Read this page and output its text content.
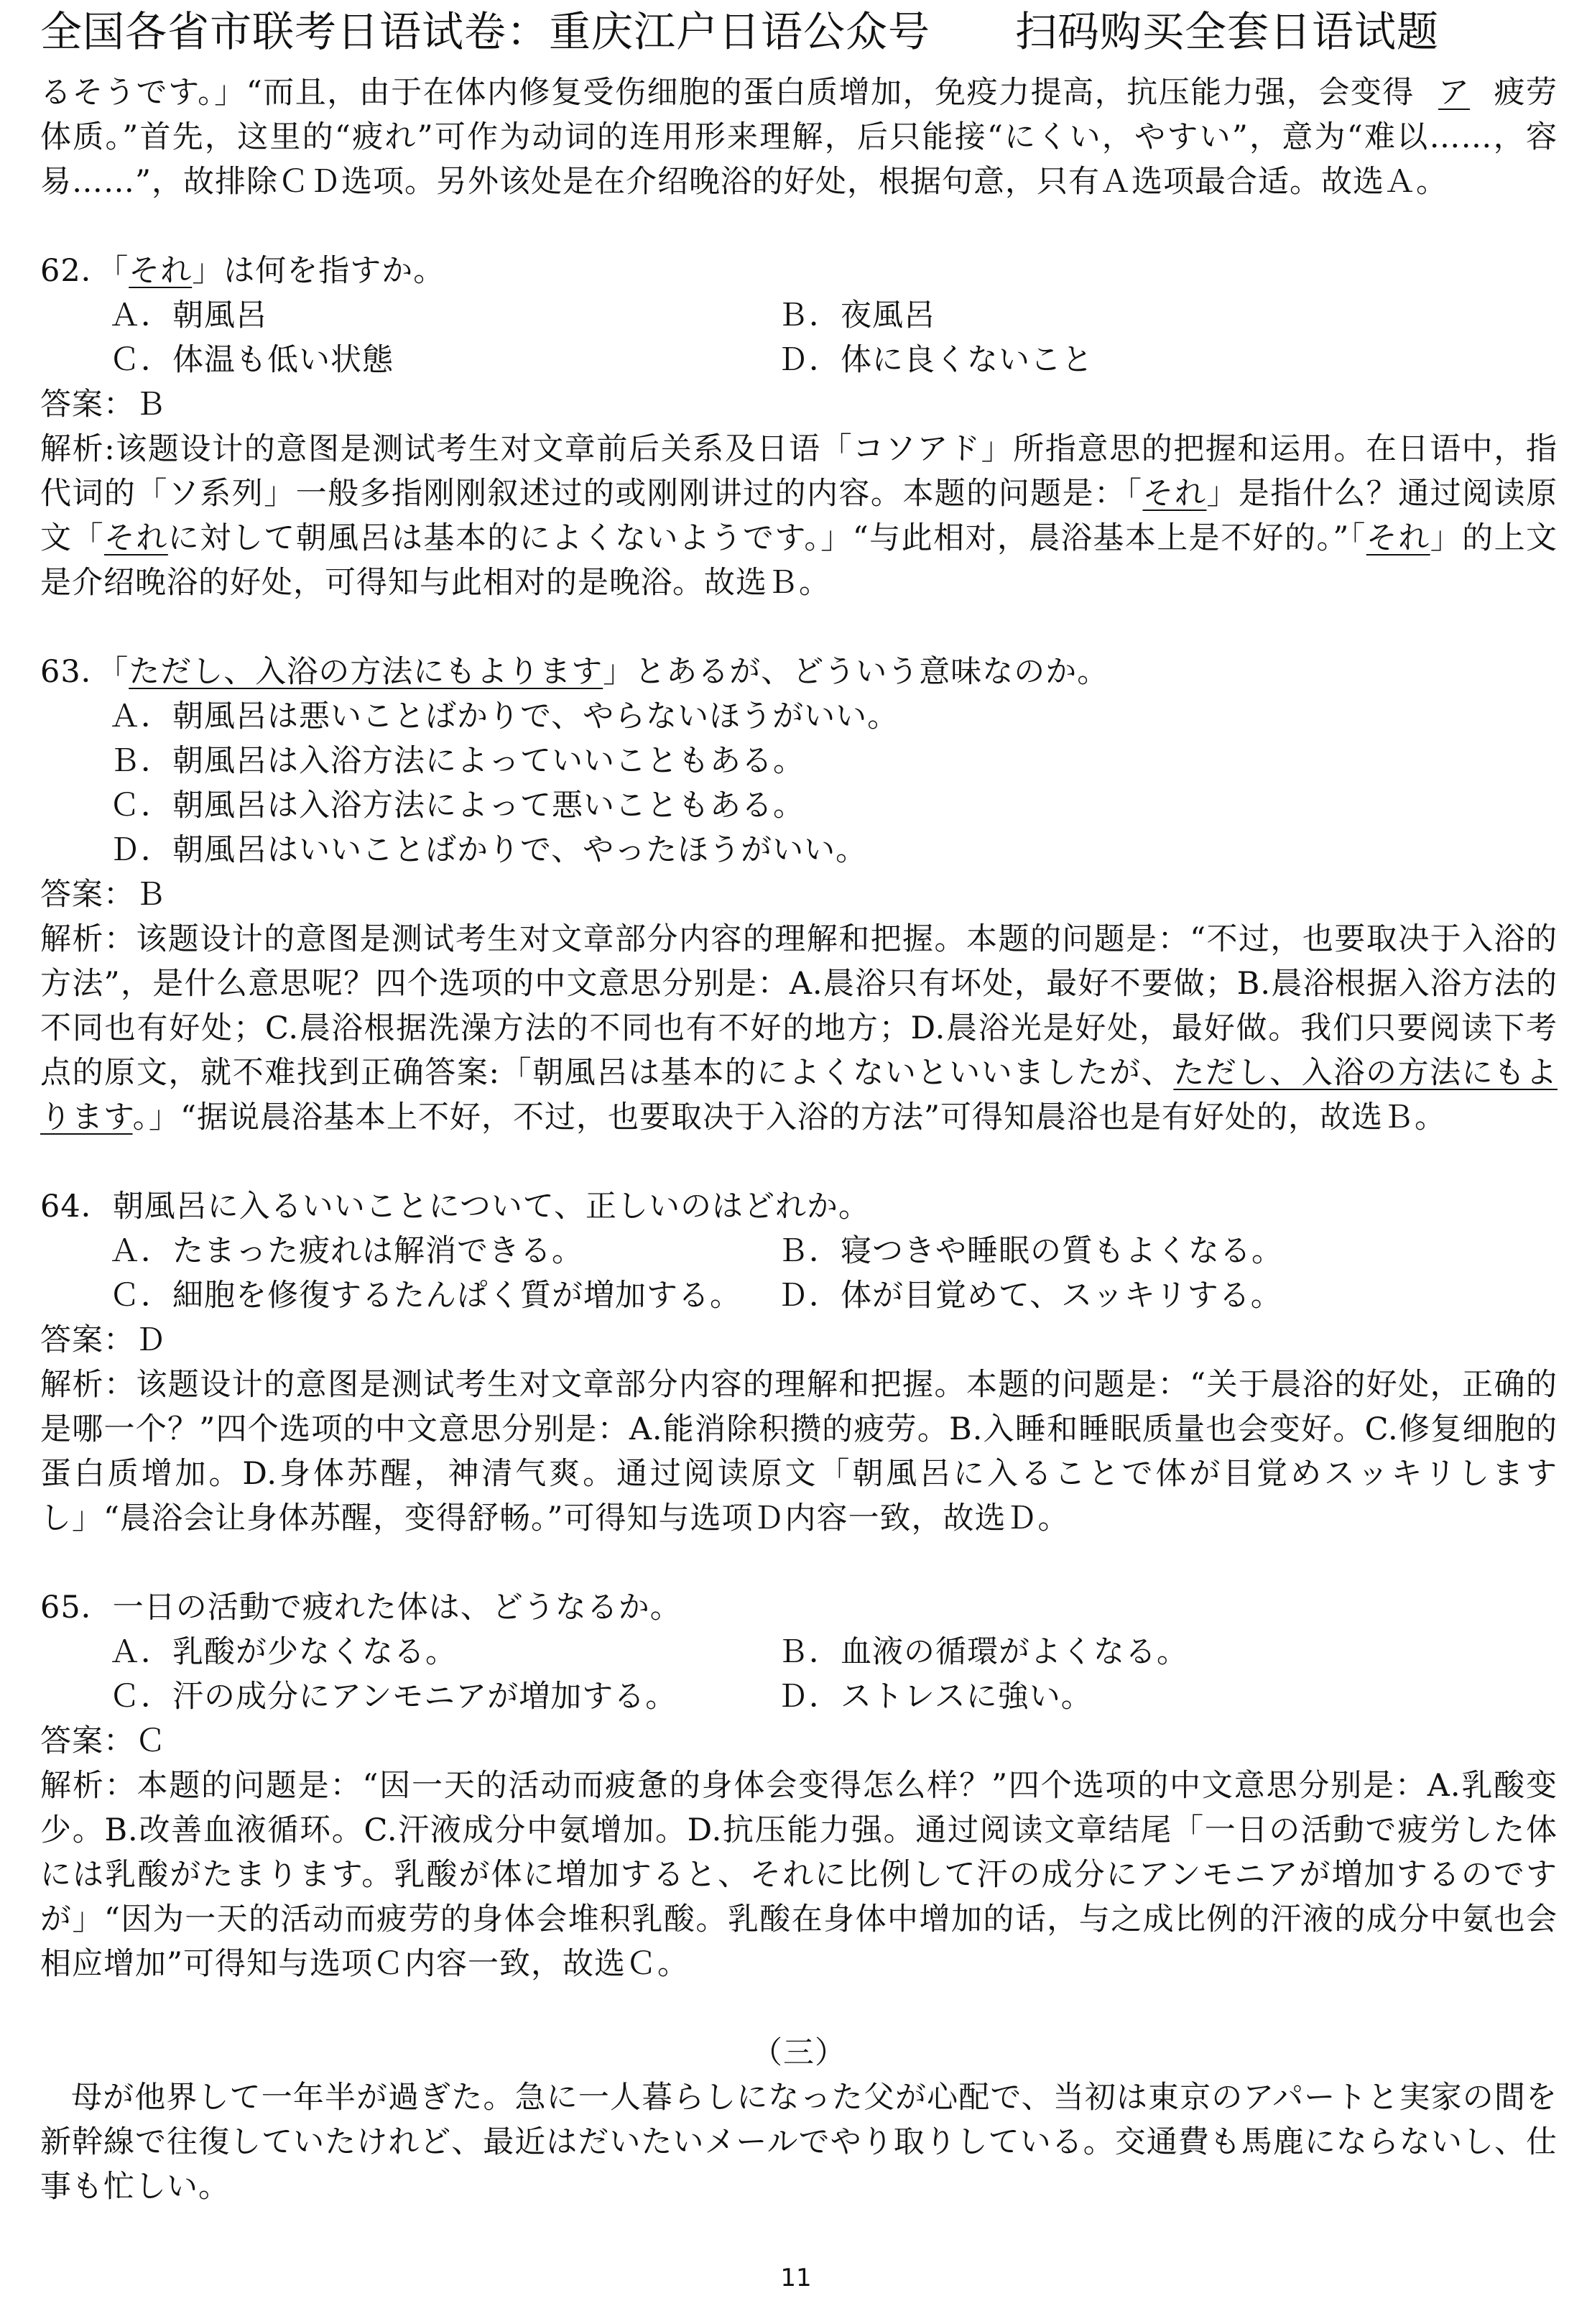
全国各省市联考日语试卷：重庆江户日语公众号　　扫码购买全套日语试题

るそうです。」“而且，由于在体内修复受伤细胞的蛋白质增加，免疫力提高，抗压能力强，会变得 ア 疲劳体质。”首先，这里的“疲れ”可作为动词的连用形来理解，后只能接“にくい，やすい”，意为“难以……，容易……”，故排除ＣＤ选项。另外该处是在介绍晚浴的好处，根据句意，只有Ａ选项最合适。故选Ａ。

62．「それ」は何を指すか。

Ａ．朝風呂	Ｂ．夜風呂
Ｃ．体温も低い状態	Ｄ．体に良くないこと

答案：Ｂ

解析:该题设计的意图是测试考生对文章前后关系及日语「コソアド」所指意思的把握和运用。在日语中，指代词的「ソ系列」一般多指刚刚叙述过的或刚刚讲过的内容。本题的问题是：「それ」是指什么？通过阅读原文「それに対して朝風呂は基本的によくないようです。」“与此相对，晨浴基本上是不好的。”「それ」的上文是介绍晚浴的好处，可得知与此相对的是晚浴。故选Ｂ。

63．「ただし、入浴の方法にもよります」とあるが、どういう意味なのか。

Ａ．朝風呂は悪いことばかりで、やらないほうがいい。

Ｂ．朝風呂は入浴方法によっていいこともある。

Ｃ．朝風呂は入浴方法によって悪いこともある。

Ｄ．朝風呂はいいことばかりで、やったほうがいい。

答案：Ｂ

解析：该题设计的意图是测试考生对文章部分内容的理解和把握。本题的问题是：“不过，也要取决于入浴的方法”，是什么意思呢？四个选项的中文意思分别是：A.晨浴只有坏处，最好不要做；B.晨浴根据入浴方法的不同也有好处；C.晨浴根据洗澡方法的不同也有不好的地方；D.晨浴光是好处，最好做。我们只要阅读下考点的原文，就不难找到正确答案:「朝風呂は基本的によくないといいましたが、ただし、入浴の方法にもよります。」“据说晨浴基本上不好，不过，也要取决于入浴的方法”可得知晨浴也是有好处的，故选Ｂ。

64．朝風呂に入るいいことについて、正しいのはどれか。

Ａ．たまった疲れは解消できる。	Ｂ．寝つきや睡眠の質もよくなる。
Ｃ．細胞を修復するたんぱく質が増加する。	Ｄ．体が目覚めて、スッキリする。

答案：Ｄ

解析：该题设计的意图是测试考生对文章部分内容的理解和把握。本题的问题是：“关于晨浴的好处，正确的是哪一个？”四个选项的中文意思分别是：A.能消除积攒的疲劳。B.入睡和睡眠质量也会变好。C.修复细胞的蛋白质增加。D.身体苏醒，神清气爽。通过阅读原文「朝風呂に入ることで体が目覚めスッキリしますし」“晨浴会让身体苏醒，变得舒畅。”可得知与选项Ｄ内容一致，故选Ｄ。

65．一日の活動で疲れた体は、どうなるか。

Ａ．乳酸が少なくなる。	Ｂ．血液の循環がよくなる。
Ｃ．汗の成分にアンモニアが増加する。	Ｄ．ストレスに強い。

答案：Ｃ

解析：本题的问题是：“因一天的活动而疲惫的身体会变得怎么样？”四个选项的中文意思分别是：A.乳酸变少。B.改善血液循环。C.汗液成分中氨增加。D.抗压能力强。通过阅读文章结尾「一日の活動で疲労した体には乳酸がたまります。乳酸が体に増加すると、それに比例して汗の成分にアンモニアが増加するのですが」“因为一天的活动而疲劳的身体会堆积乳酸。乳酸在身体中增加的话，与之成比例的汗液的成分中氨也会相应增加”可得知与选项Ｃ内容一致，故选Ｃ。

（三）

母が他界して一年半が過ぎた。急に一人暮らしになった父が心配で、当初は東京のアパートと実家の間を新幹線で往復していたけれど、最近はだいたいメールでやり取りしている。交通費も馬鹿にならないし、仕事も忙しい。

11
